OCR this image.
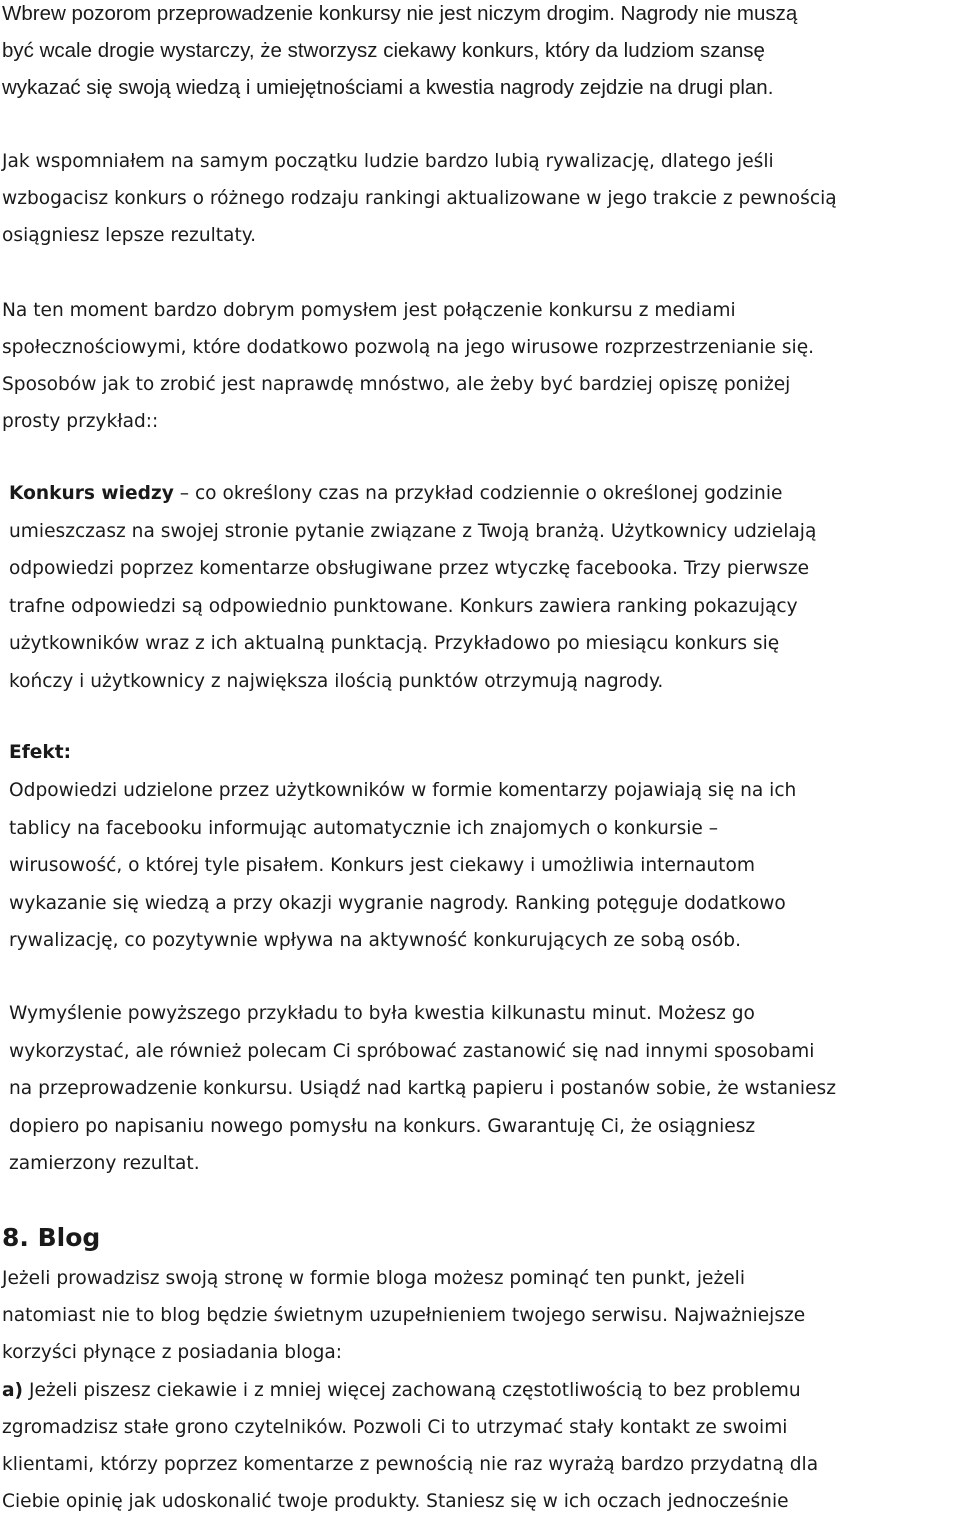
Wbrew pozorom przeprowadzenie konkursy nie jest niczym drogim. Nagrody nie muszą
być wcale drogie wystarczy, że stworzysz ciekawy konkurs, który da ludziom szansę
wykazać się swoją wiedzą i umiejętnościami a kwestia nagrody zejdzie na drugi plan.
Jak wspomniałem na samym początku ludzie bardzo lubią rywalizację, dlatego jeśli
wzbogacisz konkurs o różnego rodzaju rankingi aktualizowane w jego trakcie z pewnością
osiągniesz lepsze rezultaty.
Na ten moment bardzo dobrym pomysłem jest połączenie konkursu z mediami
społecznościowymi, które dodatkowo pozwolą na jego wirusowe rozprzestrzenianie się.
Sposobów jak to zrobić jest naprawdę mnóstwo, ale żeby być bardziej opiszę poniżej
prosty przykład::
Konkurs wiedzy – co określony czas na przykład codziennie o określonej godzinie
umieszczasz na swojej stronie pytanie związane z Twoją branżą. Użytkownicy udzielają
odpowiedzi poprzez komentarze obsługiwane przez wtyczkę facebooka. Trzy pierwsze
trafne odpowiedzi są odpowiednio punktowane. Konkurs zawiera ranking pokazujący
użytkowników wraz z ich aktualną punktacją. Przykładowo po miesiącu konkurs się
kończy i użytkownicy z największa ilością punktów otrzymują nagrody.
Efekt:
Odpowiedzi udzielone przez użytkowników w formie komentarzy pojawiają się na ich
tablicy na facebooku informując automatycznie ich znajomych o konkursie –
wirusowość, o której tyle pisałem. Konkurs jest ciekawy i umożliwia internautom
wykazanie się wiedzą a przy okazji wygranie nagrody. Ranking potęguje dodatkowo
rywalizację, co pozytywnie wpływa na aktywność konkurujących ze sobą osób.
Wymyślenie powyższego przykładu to była kwestia kilkunastu minut. Możesz go
wykorzystać, ale również polecam Ci spróbować zastanowić się nad innymi sposobami
na przeprowadzenie konkursu. Usiądź nad kartką papieru i postanów sobie, że wstaniesz
dopiero po napisaniu nowego pomysłu na konkurs. Gwarantuję Ci, że osiągniesz
zamierzony rezultat.
8. Blog
Jeżeli prowadzisz swoją stronę w formie bloga możesz pominąć ten punkt, jeżeli
natomiast nie to blog będzie świetnym uzupełnieniem twojego serwisu. Najważniejsze
korzyści płynące z posiadania bloga:
a) Jeżeli piszesz ciekawie i z mniej więcej zachowaną częstotliwością to bez problemu
zgromadzisz stałe grono czytelników. Pozwoli Ci to utrzymać stały kontakt ze swoimi
klientami, którzy poprzez komentarze z pewnością nie raz wyrażą bardzo przydatną dla
Ciebie opinię jak udoskonalić twoje produkty. Staniesz się w ich oczach jednocześnie
